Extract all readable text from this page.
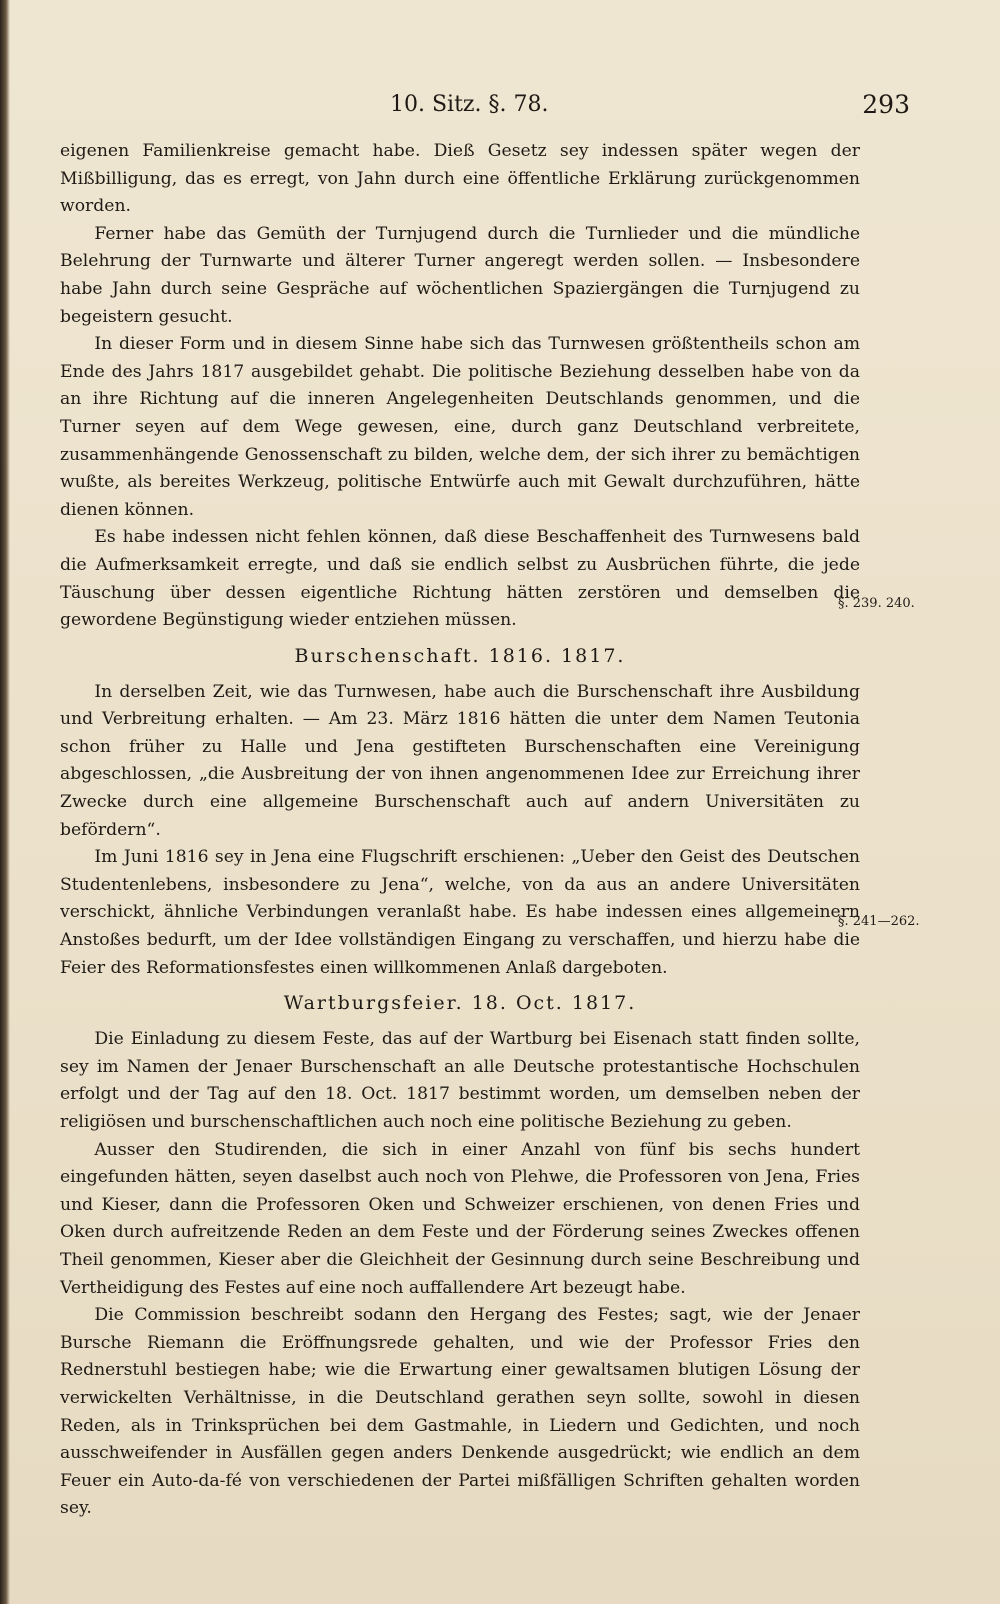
10. Sitz. §. 78.	293

eigenen Familienkreise gemacht habe. Dieß Gesetz sey indessen später wegen der Mißbilligung, das es erregt, von Jahn durch eine öffentliche Erklärung zurückgenommen worden.

Ferner habe das Gemüth der Turnjugend durch die Turnlieder und die mündliche Belehrung der Turnwarte und älterer Turner angeregt werden sollen. — Insbesondere habe Jahn durch seine Gespräche auf wöchentlichen Spaziergängen die Turnjugend zu begeistern gesucht.

In dieser Form und in diesem Sinne habe sich das Turnwesen größtentheils schon am Ende des Jahrs 1817 ausgebildet gehabt. Die politische Beziehung desselben habe von da an ihre Richtung auf die inneren Angelegenheiten Deutschlands genommen, und die Turner seyen auf dem Wege gewesen, eine, durch ganz Deutschland verbreitete, zusammenhängende Genossenschaft zu bilden, welche dem, der sich ihrer zu bemächtigen wußte, als bereites Werkzeug, politische Entwürfe auch mit Gewalt durchzuführen, hätte dienen können.

Es habe indessen nicht fehlen können, daß diese Beschaffenheit des Turnwesens bald die Aufmerksamkeit erregte, und daß sie endlich selbst zu Ausbrüchen führte, die jede Täuschung über dessen eigentliche Richtung hätten zerstören und demselben die gewordene Begünstigung wieder entziehen müssen.

Burschenschaft. 1816. 1817.

In derselben Zeit, wie das Turnwesen, habe auch die Burschenschaft ihre Ausbildung und Verbreitung erhalten. — Am 23. März 1816 hätten die unter dem Namen Teutonia schon früher zu Halle und Jena gestifteten Burschenschaften eine Vereinigung abgeschlossen, „die Ausbreitung der von ihnen angenommenen Idee zur Erreichung ihrer Zwecke durch eine allgemeine Burschenschaft auch auf andern Universitäten zu befördern“.

Im Juni 1816 sey in Jena eine Flugschrift erschienen: „Ueber den Geist des Deutschen Studentenlebens, insbesondere zu Jena“, welche, von da aus an andere Universitäten verschickt, ähnliche Verbindungen veranlaßt habe. Es habe indessen eines allgemeinern Anstoßes bedurft, um der Idee vollständigen Eingang zu verschaffen, und hierzu habe die Feier des Reformationsfestes einen willkommenen Anlaß dargeboten.

Wartburgsfeier. 18. Oct. 1817.

Die Einladung zu diesem Feste, das auf der Wartburg bei Eisenach statt finden sollte, sey im Namen der Jenaer Burschenschaft an alle Deutsche protestantische Hochschulen erfolgt und der Tag auf den 18. Oct. 1817 bestimmt worden, um demselben neben der religiösen und burschenschaftlichen auch noch eine politische Beziehung zu geben.

Ausser den Studirenden, die sich in einer Anzahl von fünf bis sechs hundert eingefunden hätten, seyen daselbst auch noch von Plehwe, die Professoren von Jena, Fries und Kieser, dann die Professoren Oken und Schweizer erschienen, von denen Fries und Oken durch aufreitzende Reden an dem Feste und der Förderung seines Zweckes offenen Theil genommen, Kieser aber die Gleichheit der Gesinnung durch seine Beschreibung und Vertheidigung des Festes auf eine noch auffallendere Art bezeugt habe.

Die Commission beschreibt sodann den Hergang des Festes; sagt, wie der Jenaer Bursche Riemann die Eröffnungsrede gehalten, und wie der Professor Fries den Rednerstuhl bestiegen habe; wie die Erwartung einer gewaltsamen blutigen Lösung der verwickelten Verhältnisse, in die Deutschland gerathen seyn sollte, sowohl in diesen Reden, als in Trinksprüchen bei dem Gastmahle, in Liedern und Gedichten, und noch ausschweifender in Ausfällen gegen anders Denkende ausgedrückt; wie endlich an dem Feuer ein Auto-da-fé von verschiedenen der Partei mißfälligen Schriften gehalten worden sey.

§. 239. 240.
§. 241—262.
